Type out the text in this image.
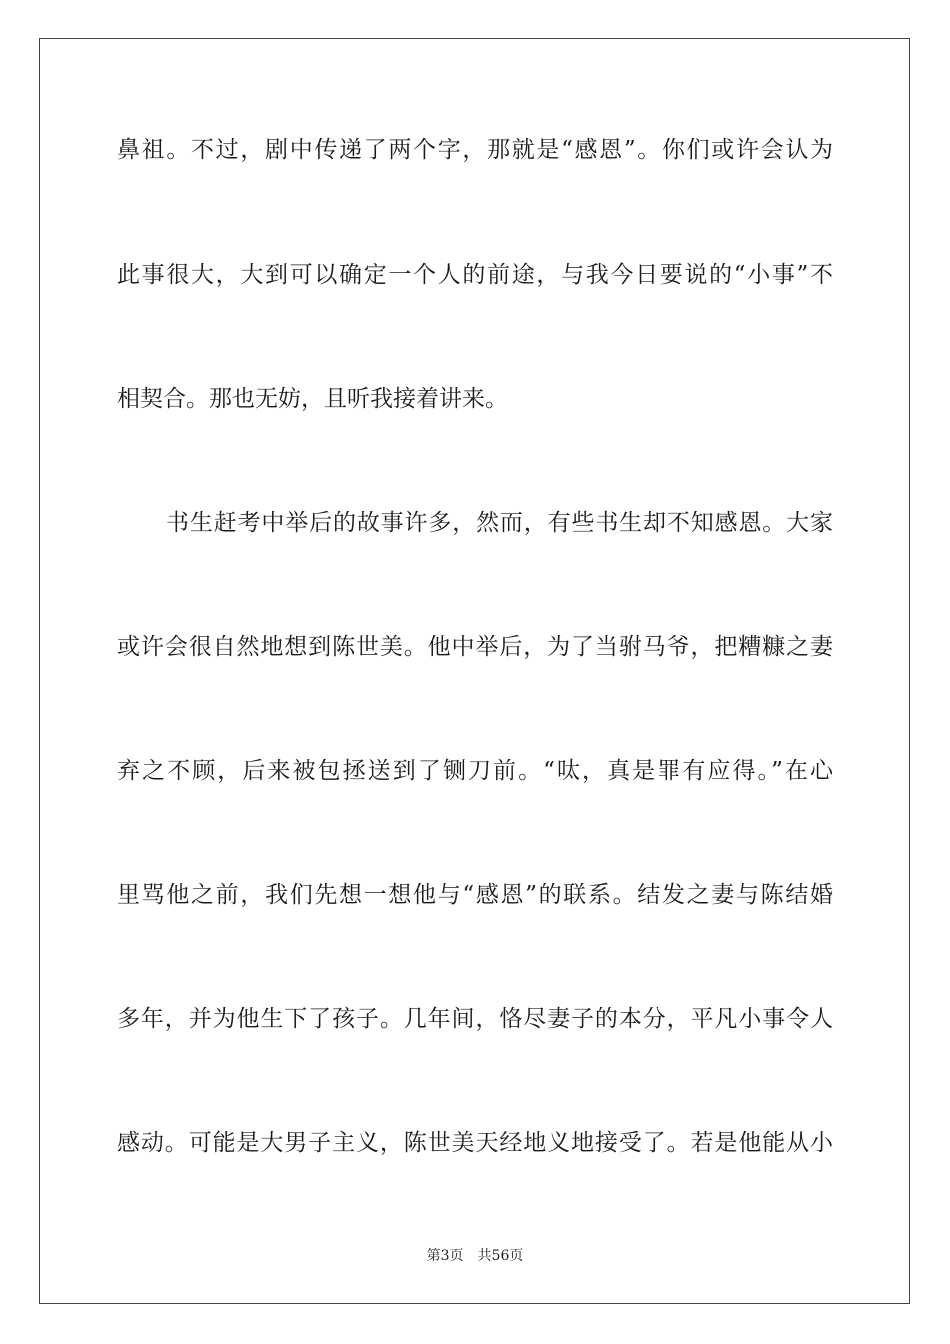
鼻祖。不过，剧中传递了两个字，那就是“感恩”。你们或许会认为
此事很大，大到可以确定一个人的前途，与我今日要说的“小事”不
相契合。那也无妨，且听我接着讲来。
书生赶考中举后的故事许多，然而，有些书生却不知感恩。大家
或许会很自然地想到陈世美。他中举后，为了当驸马爷，把糟糠之妻
弃之不顾，后来被包拯送到了铡刀前。“呔，真是罪有应得。”在心
里骂他之前，我们先想一想他与“感恩”的联系。结发之妻与陈结婚
多年，并为他生下了孩子。几年间，恪尽妻子的本分，平凡小事令人
感动。可能是大男子主义，陈世美天经地义地接受了。若是他能从小
第3页 共56页
